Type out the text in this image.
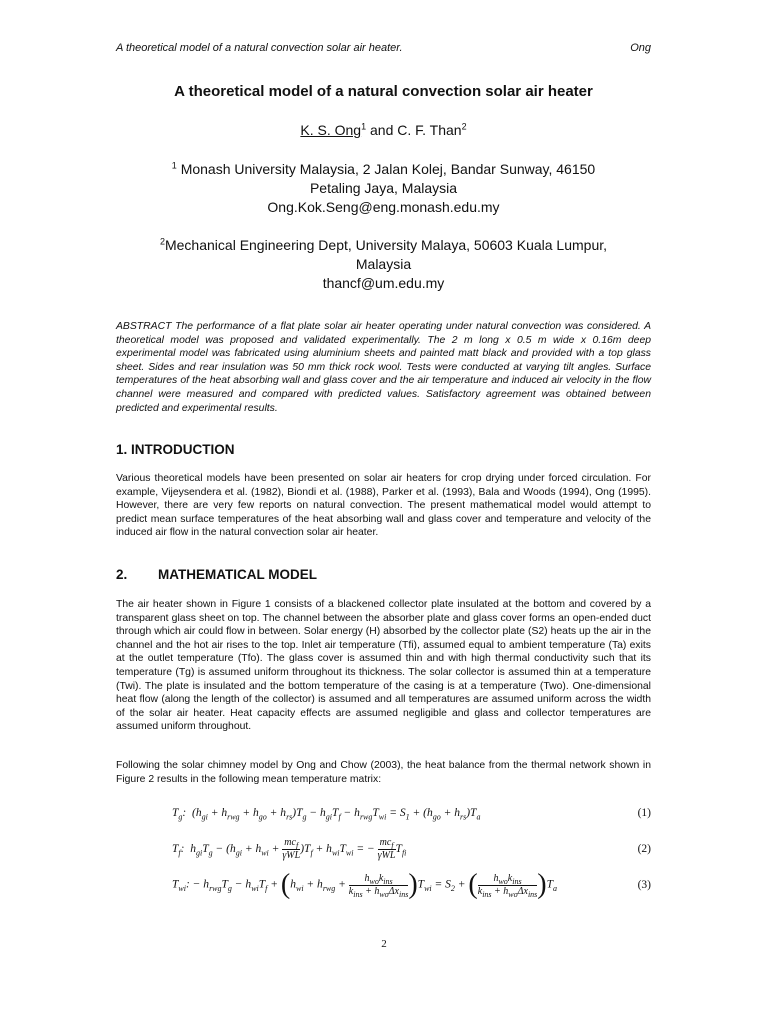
A theoretical model of a natural convection solar air heater.	Ong
A theoretical model of a natural convection solar air heater
K. S. Ong$^1$ and C. F. Than$^2$
$^1$ Monash University Malaysia, 2 Jalan Kolej, Bandar Sunway, 46150
Petaling Jaya, Malaysia
Ong.Kok.Seng@eng.monash.edu.my
$^2$Mechanical Engineering Dept, University Malaya, 50603 Kuala Lumpur,
Malaysia
thancf@um.edu.my
ABSTRACT The performance of a flat plate solar air heater operating under natural convection was considered. A theoretical model was proposed and validated experimentally. The 2 m long x 0.5 m wide x 0.16m deep experimental model was fabricated using aluminium sheets and painted matt black and provided with a top glass sheet. Sides and rear insulation was 50 mm thick rock wool. Tests were conducted at varying tilt angles. Surface temperatures of the heat absorbing wall and glass cover and the air temperature and induced air velocity in the flow channel were measured and compared with predicted values. Satisfactory agreement was obtained between predicted and experimental results.
1. INTRODUCTION
Various theoretical models have been presented on solar air heaters for crop drying under forced circulation. For example, Vijeysendera et al. (1982), Biondi et al. (1988), Parker et al. (1993), Bala and Woods (1994), Ong (1995). However, there are very few reports on natural convection. The present mathematical model would attempt to predict mean surface temperatures of the heat absorbing wall and glass cover and temperature and velocity of the induced air flow in the natural convection solar air heater.
2. MATHEMATICAL MODEL
The air heater shown in Figure 1 consists of a blackened collector plate insulated at the bottom and covered by a transparent glass sheet on top. The channel between the absorber plate and glass cover forms an open-ended duct through which air could flow in between. Solar energy (H) absorbed by the collector plate (S2) heats up the air in the channel and the hot air rises to the top. Inlet air temperature (Tfi), assumed equal to ambient temperature (Ta) exits at the outlet temperature (Tfo). The glass cover is assumed thin and with high thermal conductivity such that its temperature (Tg) is assumed uniform throughout its thickness. The solar collector is assumed thin at a temperature (Twi). The plate is insulated and the bottom temperature of the casing is at a temperature (Two). One-dimensional heat flow (along the length of the collector) is assumed and all temperatures are assumed uniform across the width of the solar air heater. Heat capacity effects are assumed negligible and glass and collector temperatures are assumed uniform throughout.
Following the solar chimney model by Ong and Chow (2003), the heat balance from the thermal network shown in Figure 2 results in the following mean temperature matrix:
$T_g$:  $(h_{gi} + h_{rwg} + h_{go} + h_{rs})T_g - h_{gi}T_f - h_{rwg}T_{wi} = S_1 + (h_{go} + h_{rs})T_a$	(1)
$T_f$:  $h_{gi}T_g - (h_{gi} + h_{wi} + \frac{mc_f}{\text{γWL}} )T_f + h_{wi}T_{wi}$ = − $\frac{mc_f}{\text{γWL}} T_{fi}$	(2)
$T_{wi}$: − $h_{rwg}T_g - h_{wi}T_f + (h_{wi} + h_{rwg} + \frac{h_{wo}k_{ins}}{k_{ins} + h_{wo}\Delta x_{ins}} )T_{wi} = S_2$ + ( $\frac{h_{wo}k_{ins}}{k_{ins} + h_{wo}\Delta x_{ins}} )T_a$	(3)
2
